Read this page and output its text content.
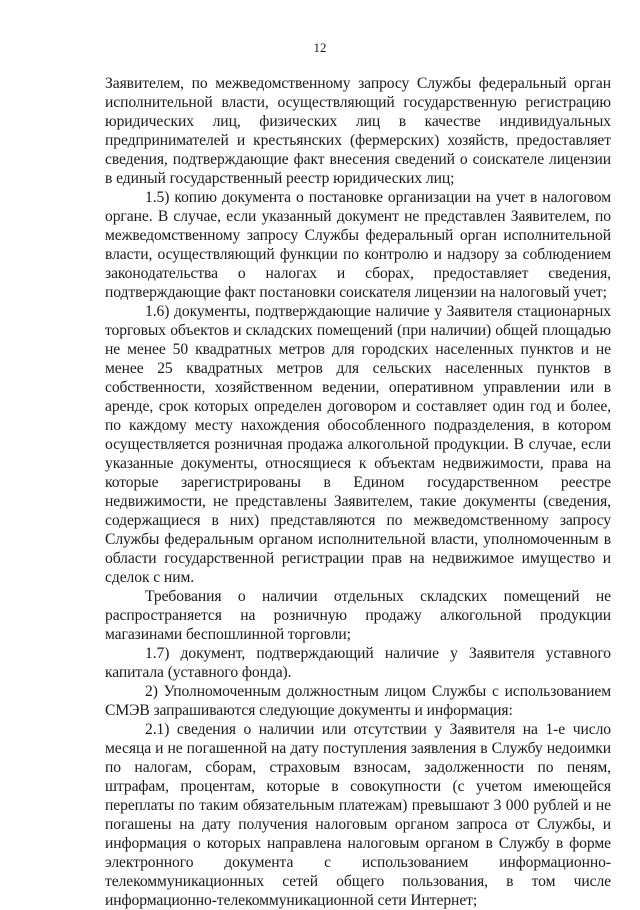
12

Заявителем, по межведомственному запросу Службы федеральный орган исполнительной власти, осуществляющий государственную регистрацию юридических лиц, физических лиц в качестве индивидуальных предпринимателей и крестьянских (фермерских) хозяйств, предоставляет сведения, подтверждающие факт внесения сведений о соискателе лицензии в единый государственный реестр юридических лиц;

1.5) копию документа о постановке организации на учет в налоговом органе. В случае, если указанный документ не представлен Заявителем, по межведомственному запросу Службы федеральный орган исполнительной власти, осуществляющий функции по контролю и надзору за соблюдением законодательства о налогах и сборах, предоставляет сведения, подтверждающие факт постановки соискателя лицензии на налоговый учет;

1.6) документы, подтверждающие наличие у Заявителя стационарных торговых объектов и складских помещений (при наличии) общей площадью не менее 50 квадратных метров для городских населенных пунктов и не менее 25 квадратных метров для сельских населенных пунктов в собственности, хозяйственном ведении, оперативном управлении или в аренде, срок которых определен договором и составляет один год и более, по каждому месту нахождения обособленного подразделения, в котором осуществляется розничная продажа алкогольной продукции. В случае, если указанные документы, относящиеся к объектам недвижимости, права на которые зарегистрированы в Едином государственном реестре недвижимости, не представлены Заявителем, такие документы (сведения, содержащиеся в них) представляются по межведомственному запросу Службы федеральным органом исполнительной власти, уполномоченным в области государственной регистрации прав на недвижимое имущество и сделок с ним.

Требования о наличии отдельных складских помещений не распространяется на розничную продажу алкогольной продукции магазинами беспошлинной торговли;

1.7) документ, подтверждающий наличие у Заявителя уставного капитала (уставного фонда).

2) Уполномоченным должностным лицом Службы с использованием СМЭВ запрашиваются следующие документы и информация:

2.1) сведения о наличии или отсутствии у Заявителя на 1-е число месяца и не погашенной на дату поступления заявления в Службу недоимки по налогам, сборам, страховым взносам, задолженности по пеням, штрафам, процентам, которые в совокупности (с учетом имеющейся переплаты по таким обязательным платежам) превышают 3 000 рублей и не погашены на дату получения налоговым органом запроса от Службы, и информация о которых направлена налоговым органом в Службу в форме электронного документа с использованием информационно-телекоммуникационных сетей общего пользования, в том числе информационно-телекоммуникационной сети Интернет;
